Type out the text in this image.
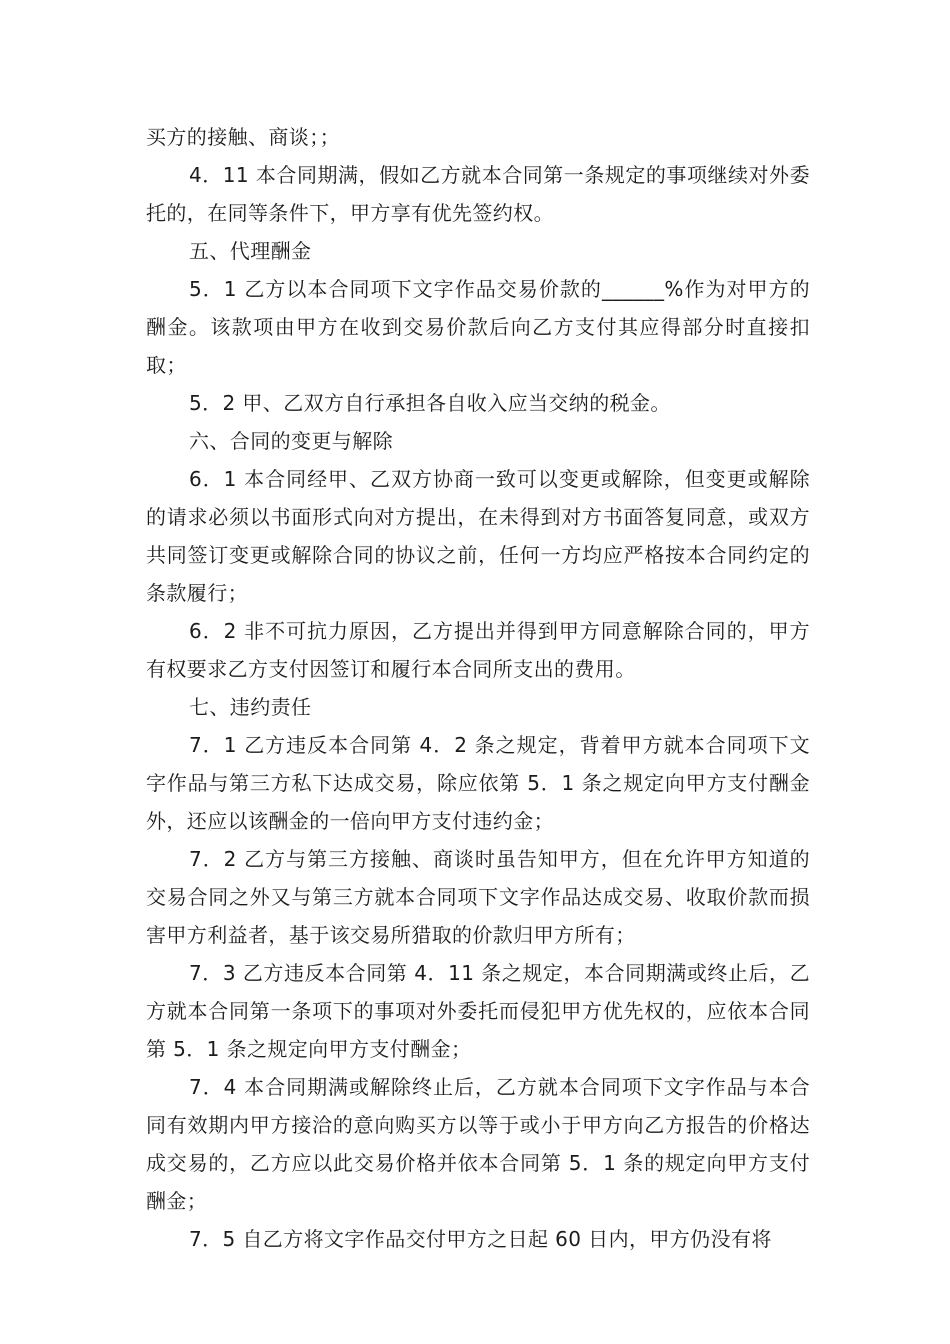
买方的接触、商谈；；

4．11 本合同期满，假如乙方就本合同第一条规定的事项继续对外委托的，在同等条件下，甲方享有优先签约权。

五、代理酬金

5．1 乙方以本合同项下文字作品交易价款的______%作为对甲方的酬金。该款项由甲方在收到交易价款后向乙方支付其应得部分时直接扣取；

5．2 甲、乙双方自行承担各自收入应当交纳的税金。

六、合同的变更与解除

6．1 本合同经甲、乙双方协商一致可以变更或解除，但变更或解除的请求必须以书面形式向对方提出，在未得到对方书面答复同意，或双方共同签订变更或解除合同的协议之前，任何一方均应严格按本合同约定的条款履行；

6．2 非不可抗力原因，乙方提出并得到甲方同意解除合同的，甲方有权要求乙方支付因签订和履行本合同所支出的费用。

七、违约责任

7．1 乙方违反本合同第 4．2 条之规定，背着甲方就本合同项下文字作品与第三方私下达成交易，除应依第 5．1 条之规定向甲方支付酬金外，还应以该酬金的一倍向甲方支付违约金；

7．2 乙方与第三方接触、商谈时虽告知甲方，但在允许甲方知道的交易合同之外又与第三方就本合同项下文字作品达成交易、收取价款而损害甲方利益者，基于该交易所猎取的价款归甲方所有；

7．3 乙方违反本合同第 4．11 条之规定，本合同期满或终止后，乙方就本合同第一条项下的事项对外委托而侵犯甲方优先权的，应依本合同第 5．1 条之规定向甲方支付酬金；

7．4 本合同期满或解除终止后，乙方就本合同项下文字作品与本合同有效期内甲方接洽的意向购买方以等于或小于甲方向乙方报告的价格达成交易的，乙方应以此交易价格并依本合同第 5．1 条的规定向甲方支付酬金；

7．5 自乙方将文字作品交付甲方之日起 60 日内，甲方仍没有将
